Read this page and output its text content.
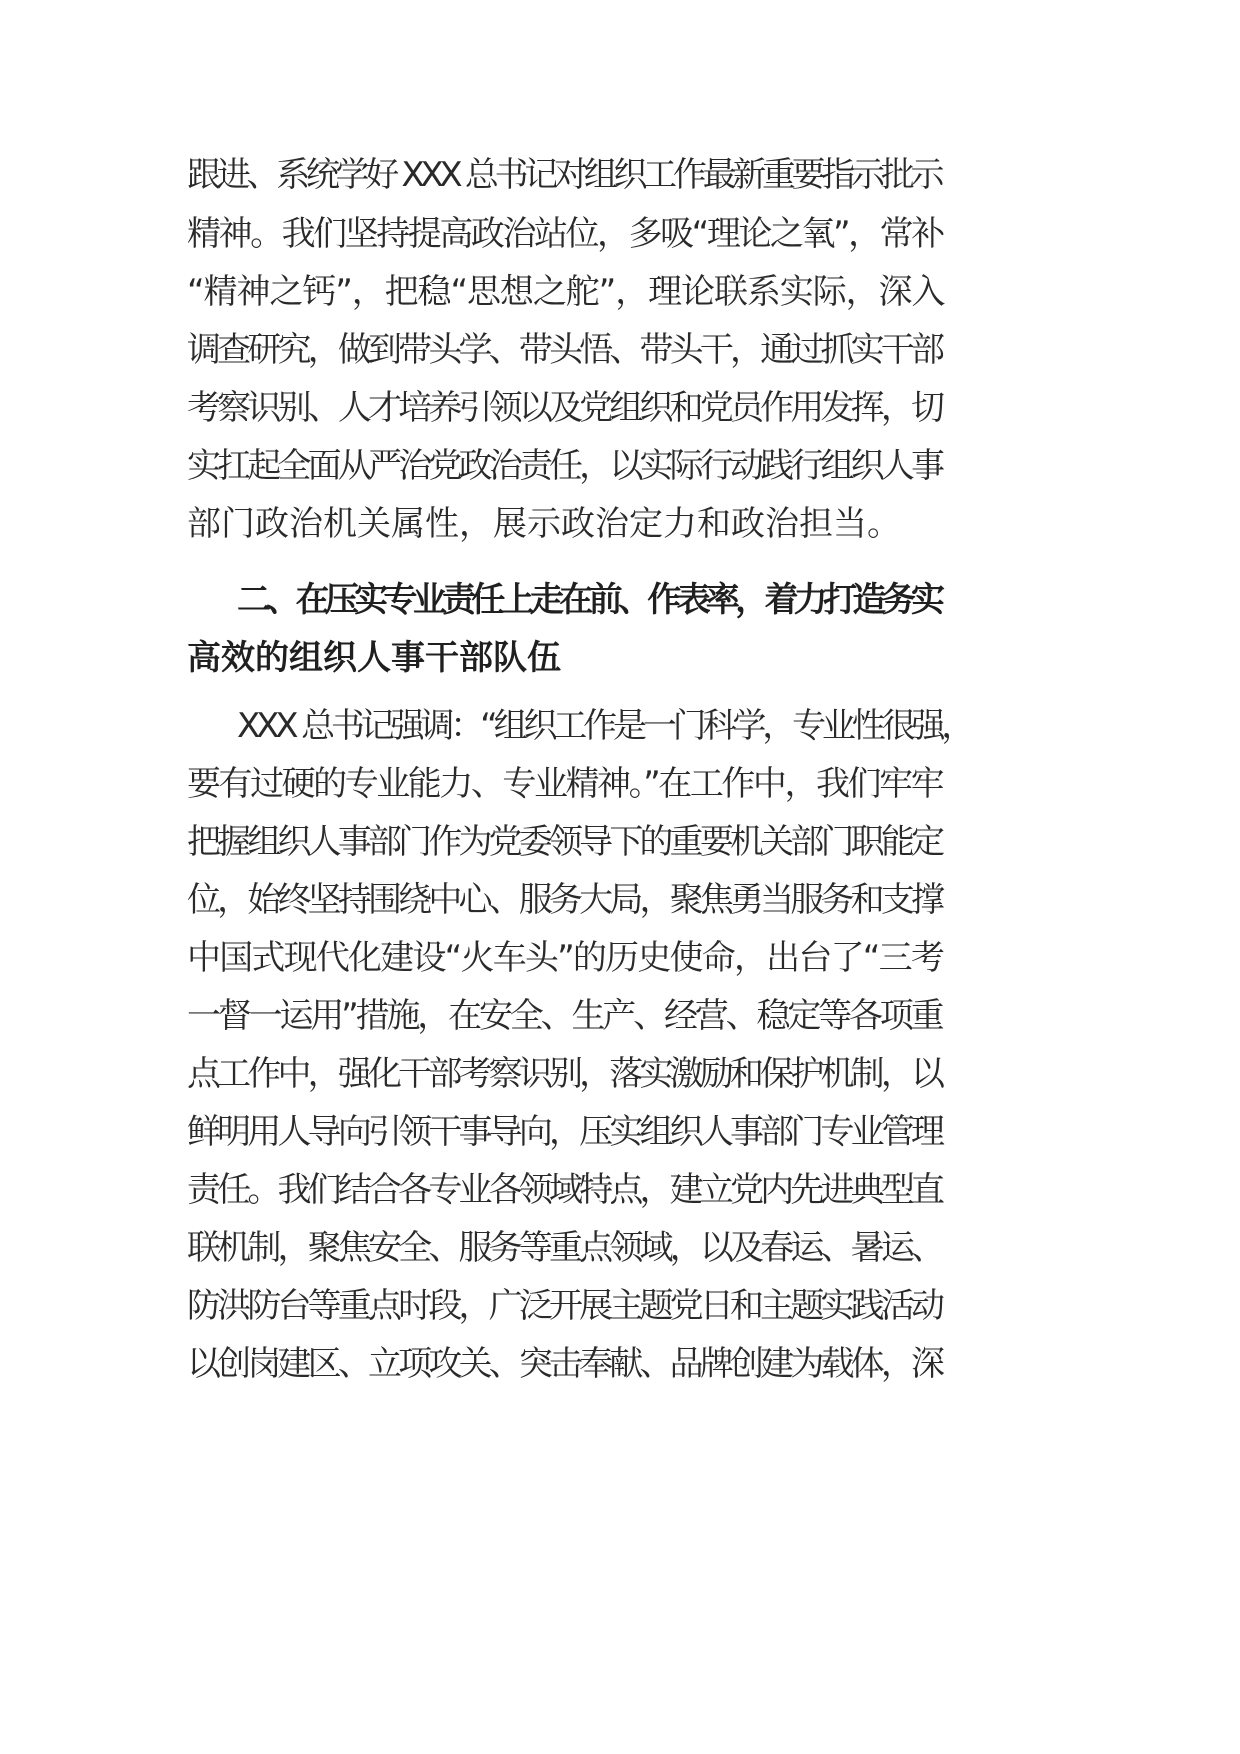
跟进、系统学好 XXX 总书记对组织工作最新重要指示批示
精神。我们坚持提高政治站位，多吸“理论之氧”，常补
“精神之钙”，把稳“思想之舵”，理论联系实际，深入
调查研究，做到带头学、带头悟、带头干，通过抓实干部
考察识别、人才培养引领以及党组织和党员作用发挥，切
实扛起全面从严治党政治责任，以实际行动践行组织人事
部门政治机关属性，展示政治定力和政治担当。
二、在压实专业责任上走在前、作表率，着力打造务实
高效的组织人事干部队伍
XXX 总书记强调：“组织工作是一门科学，专业性很强，
要有过硬的专业能力、专业精神。”在工作中，我们牢牢
把握组织人事部门作为党委领导下的重要机关部门职能定
位，始终坚持围绕中心、服务大局，聚焦勇当服务和支撑
中国式现代化建设“火车头”的历史使命，出台了“三考
一督一运用”措施，在安全、生产、经营、稳定等各项重
点工作中，强化干部考察识别，落实激励和保护机制，以
鲜明用人导向引领干事导向，压实组织人事部门专业管理
责任。我们结合各专业各领域特点，建立党内先进典型直
联机制，聚焦安全、服务等重点领域，以及春运、暑运、
防洪防台等重点时段，广泛开展主题党日和主题实践活动
以创岗建区、立项攻关、突击奉献、品牌创建为载体，深
